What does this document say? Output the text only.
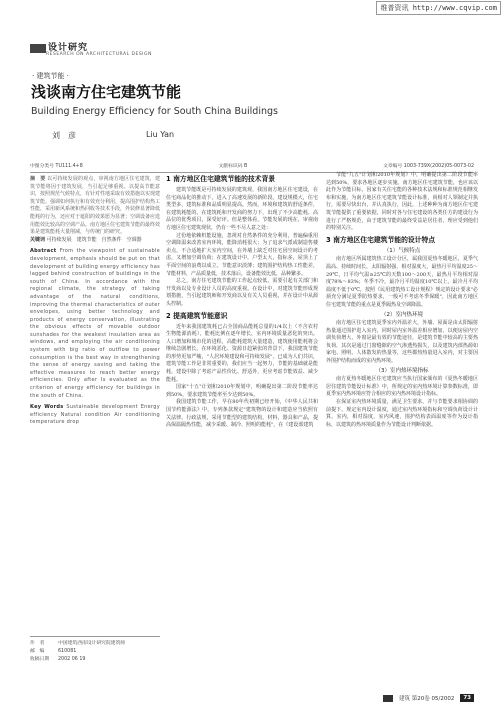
维普资讯 http://www.cqvip.com
设计研究
RESEARCH ON ARCHITECTURAL DESIGN
· 建筑节能 ·
浅谈南方住宅建筑节能
Building Energy Efficiency for South China Buildings
刘　彦	Liu Yan
中图分类号 TU111.4+8	文献标识码 B	文章编号 1003-739X(2002)05-0073-02
摘　要 以可持续发展的观点，审视南方地区住宅建筑，建筑节能将因于建筑发展，当引起足够重视。以提高节能意识，按照规范气候特点，有针对性地采取有效措施以实现建筑节能。强调如何执行和有效充分利用，提高围护结构热工性能，采用新风系统和热回收等技术手段，外装修显著降低能耗的行为，还应对于遮阳的效果愿为显著；空调设备应选用能效比较高的空调产品。南方地区住宅建筑节能的最终效果是建筑能耗大量削减，与传统门的研究。
关键词 可持续发展　建筑节能　自然条件　空调器
Abstract From the viewpoint of sustainable development, emphasis should be put on that development of building energy efficiency has lagged behind construction of buildings in the south of China. In accordance with the regional climate, the strategy of taking advantage of the natural conditions, improving the thermal characteristics of outer envelopes, using better technology and products of energy conservation, illustrating the obvious effects of movable outdoor sunshades for the weakest insulation area as windows, and employing the air conditioning system with big ratio of outflow to power consumption is the best way in strengthening the sense of energy saving and taking the effective measures to reach better energy efficiencies. Only after Is evaluated as the criterion of energy efficiency for buildings in the south of China.
Key Words Sustainable development Energy efficiency Natural condition Air conditioning temperature drop
作　者	中国建筑西南设计研究院建筑师
邮　编	610081
收稿日期	2002 06 19
1 南方地区住宅建筑节能的技术背景

建筑节能既是可持续发展的建筑观，我国南方地区住宅建设，在住宅商品化的推动下，进入了高速发展的新阶段。建设规模大，住宅类型多，建筑标准和品质明显提高。然而，环境和建筑的舒适条件，在建筑耗能的、在建筑耗和开发商的努力下，出现了不少高能耗、高品位的优秀项目，深受好评。但是整体看，节能发展的现在，审视南方地区住宅建筑现状，仍有一些不尽人意之处：

过份地依赖机能设施，忽视对自然条件的充分利用，普遍偏重用空调降温来改善室内环境，能降消耗很大；为了追求气派或制造售楼卖点，不合适地扩大室内空间，在外墙上缺乏对住宅因空间设计的考虑，又增加空调负荷；在建筑设计中，户型太大，指标多，屋顶上了平面空间的浪费以成立。节能意识淡薄；建筑围护结构热工性能差，节能材料，产品质量低，技术落后，设备能效比低，品种繁多。

总之，南方住宅建筑节能的工作起点较低，需要引起有关部门和开发商以及专业设计人员的高度重视。在设计中，对建筑节能形成规划措施，当引起建筑师和开发商以及有关人员重视，并在设计中从源头控制。

2 提高建筑节能意识

近年来我国建筑耗已占全国商品能耗总量的1/4以上（不含农村生物能源消耗），能耗比例在逐年增长，室内环境质量恶化的突出。人口增加和城市化的进程，高能耗建筑大量建造，建筑使用能耗将会继续急剧增长。在环境恶化、资源日趋紧张的背景下，我国建筑节能的形势更加严峻，"人居环境建设和可持续发展"，已成为人们共识，建筑节能工作是非常重要的，我们应当一起努力，节能的基础就是能耗，建设中除了考虑产品性价比、舒适外，更应考虑节能效益、减少能耗。

国家"十五"计划和2010年规划中，明确提出第二阶段节能率达到50%，要求建筑节能率至少达到50%。

我国建筑节能工作，早在80年代初期已经开始，《中华人民共和国节约能源法》中，专列条款规定"建筑物的设计和建造应当依照有关法律、行政法规，采用节能型的建筑结构，材料，器具和产品，提高保温隔热性能，减少采暖、制冷、照明的能耗"，在《建设部建筑

节能"九五"计划和2010年规划》中，明确提出第二阶段节能率达到50%，要求各地区逐步实施。南方地区住宅建筑节能，也应该以此作为节能目标，因家有关住宅能的各种技术法规和标准规范相继发布和实施，为南方地区住宅建筑节能设计标准，尚相对人领制定并执行，需要尽快出台，并认真执行，因此，上述种种为南方地区住宅建筑节能提供了重要依据，同时对各与住宅建设的各类任方的建设行为进行了严格规范，由于建筑节能的最终受益是居住者，理应受到他们的特别关注。

3 南方地区住宅建筑节能的设计特点
（1）气候特点

南方地区所属建筑热工设计分区，属我国夏热冬暖地区，夏季气温高、持续时间长，太阳辐射强，相对湿度大，最热月平均温度25～29℃，日平均气温≥25℃的天数100～200天，最热月平均相对湿度78%～83%；冬季不冷，最冷月平均温度10℃以上，最冷月平均温度不低于0℃，按照《民用建筑热工设计规程》规定的设计要求"必须充分满足夏季防热要求，一般可不考虑冬季保暖"，因此南方地区住宅建筑节能的重点是夏季隔热及空调降温。

（2）室内热环境

南方地区住宅建筑夏季室内外温差大，外墙、屋面是由太阳辐射热量通过围护进入室内，同时屋内室外温差相应增加，以便房屋内空调负荷增大，外窗是最有效的节能途径，是建筑节能中较高的主要热负荷，其次是通过门窗缝隙的空气渗透热损失，以及建筑内部热源如家电、照明、人体散发的热量等，这些都热热量进入室内，对主要因外围护结构而成的室内热环境。

（3）室内热环境指标

南方夏热冬暖地区住宅建筑应当执行国家颁布的《夏热冬暖地区居住建筑节能设计标准》中，所规定的室内热环境计算参数标准，即夏季室内热环境应符合相应的室内热环境设计指标。

在保证室内热环境质量，满足卫生要求，并与节能要求相协调的前提下，规定室内设计温度，通过室内热环境指标和空调负荷设计计算，室内，相对湿度，室内风速，围护结构表面温度等作为设计指标，以建筑的热环境质量作为节能设计判断依据。

建筑 第20卷 05/2002	73
